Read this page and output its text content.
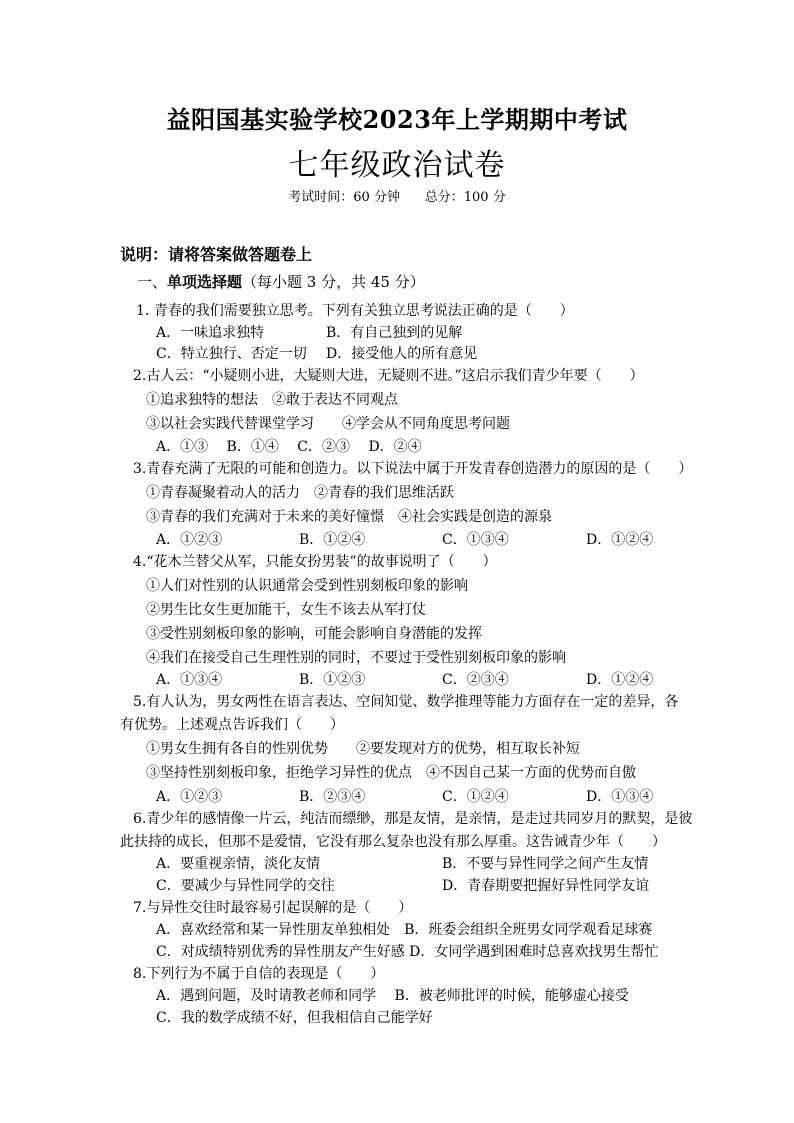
益阳国基实验学校2023年上学期期中考试
七年级政治试卷
考试时间：60 分钟      总分：100 分
说明：请将答案做答题卷上
一、单项选择题（每小题 3 分，共 45 分）
1. 青春的我们需要独立思考。下列有关独立思考说法正确的是（　　）
A．一味追求独特	B．有自己独到的见解
C．特立独行、否定一切 D．接受他人的所有意见
2.古人云：“小疑则小进，大疑则大进，无疑则不进。”这启示我们青少年要（　　）
①追求独特的想法　②敢于表达不同观点
③以社会实践代替课堂学习　　④学会从不同角度思考问题
A．①③　 B．①④　 C．②③　 D．②④
3.青春充满了无限的可能和创造力。以下说法中属于开发青春创造潜力的原因的是（　　）
①青春凝聚着动人的活力　②青春的我们思维活跃
③青春的我们充满对于未来的美好憧憬　④社会实践是创造的源泉
A．①②③	B．①②④	C．①③④	D．①②④
4.“花木兰替父从军，只能女扮男装”的故事说明了（　　）
①人们对性别的认识通常会受到性别刻板印象的影响
②男生比女生更加能干，女生不该去从军打仗
③受性别刻板印象的影响，可能会影响自身潜能的发挥
④我们在接受自己生理性别的同时，不要过于受性别刻板印象的影响
A．①③④	B．①②③	C．②③④	D．①②④
5.有人认为，男女两性在语言表达、空间知觉、数学推理等能力方面存在一定的差异，各
有优势。上述观点告诉我们（　　）
①男女生拥有各自的性别优势　　②要发现对方的优势，相互取长补短
③坚持性别刻板印象，拒绝学习异性的优点　④不因自己某一方面的优势而自傲
A．①②③	B．②③④	C．①②④	D．①③④
6.青少年的感情像一片云，纯洁而缥缈，那是友情，是亲情，是走过共同岁月的默契，是彼
此扶持的成长，但那不是爱情，它没有那么复杂也没有那么厚重。这告诫青少年（　　）
A．要重视亲情，淡化友情	B．不要与异性同学之间产生友情
C．要减少与异性同学的交往	D．青春期要把握好异性同学友谊
7.与异性交往时最容易引起误解的是（　　）
A．喜欢经常和某一异性朋友单独相处　B．班委会组织全班男女同学观看足球赛
C．对成绩特别优秀的异性朋友产生好感 D．女同学遇到困难时总喜欢找男生帮忙
8.下列行为不属于自信的表现是（　　）
A．遇到问题，及时请教老师和同学　 B．被老师批评的时候，能够虚心接受
C．我的数学成绩不好，但我相信自己能学好
